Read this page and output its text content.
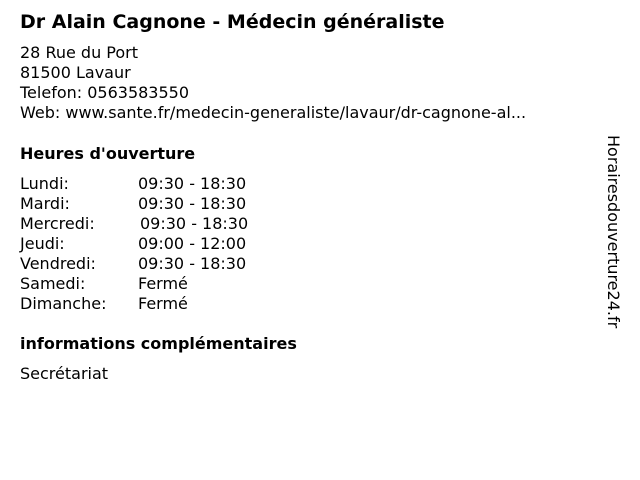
Dr Alain Cagnone - Médecin généraliste
28 Rue du Port
81500 Lavaur
Telefon: 0563583550
Web: www.sante.fr/medecin-generaliste/lavaur/dr-cagnone-al...
Heures d'ouverture
Lundi:	09:30 - 18:30
Mardi:	09:30 - 18:30
Mercredi:	09:30 - 18:30
Jeudi:	09:00 - 12:00
Vendredi:	09:30 - 18:30
Samedi:	Fermé
Dimanche: Fermé
informations complémentaires
Secrétariat
Horairesdouverture24.fr
